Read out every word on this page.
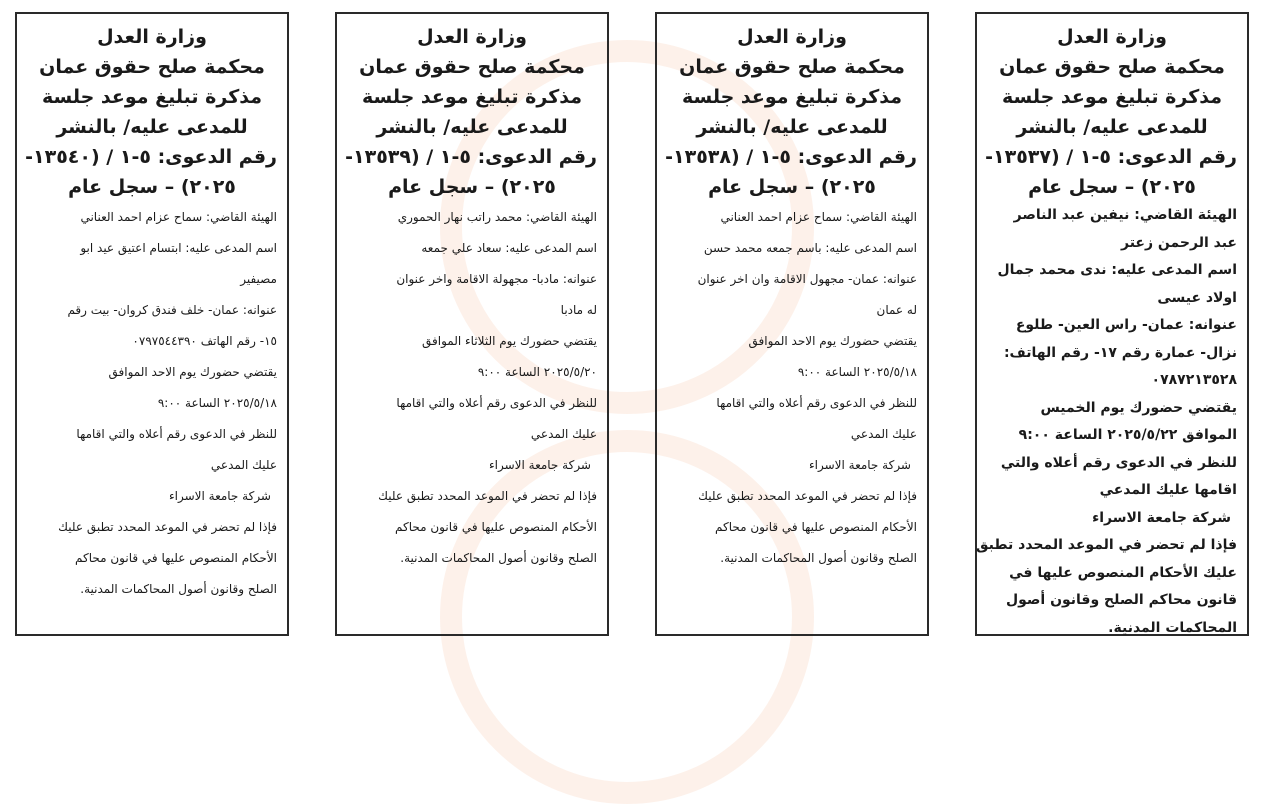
وزارة العدل
محكمة صلح حقوق عمان
مذكرة تبليغ موعد جلسة
للمدعى عليه/ بالنشر
رقم الدعوى: ٥-١ / (١٣٥٣٧-
٢٠٢٥) – سجل عام
الهيئة القاضي: نيفين عبد الناصر
عبد الرحمن زعتر
اسم المدعى عليه: ندى محمد جمال
اولاد عيسى
عنوانه: عمان- راس العين- طلوع
نزال- عمارة رقم ١٧- رقم الهاتف:
٠٧٨٧٢١٣٥٢٨
يقتضي حضورك يوم الخميس
الموافق ٢٠٢٥/٥/٢٢ الساعة ٩:٠٠
للنظر في الدعوى رقم أعلاه والتي
اقامها عليك المدعي
شركة جامعة الاسراء
فإذا لم تحضر في الموعد المحدد تطبق
عليك الأحكام المنصوص عليها في
قانون محاكم الصلح وقانون أصول
المحاكمات المدنية.
وزارة العدل
محكمة صلح حقوق عمان
مذكرة تبليغ موعد جلسة
للمدعى عليه/ بالنشر
رقم الدعوى: ٥-١ / (١٣٥٣٨-
٢٠٢٥) – سجل عام
الهيئة القاضي: سماح عزام احمد العناني
اسم المدعى عليه: باسم جمعه محمد حسن
عنوانه: عمان- مجهول الاقامة وان اخر عنوان
له عمان
يقتضي حضورك يوم الاحد الموافق
٢٠٢٥/٥/١٨ الساعة ٩:٠٠
للنظر في الدعوى رقم أعلاه والتي اقامها
عليك المدعي
شركة جامعة الاسراء
فإذا لم تحضر في الموعد المحدد تطبق عليك
الأحكام المنصوص عليها في قانون محاكم
الصلح وقانون أصول المحاكمات المدنية.
وزارة العدل
محكمة صلح حقوق عمان
مذكرة تبليغ موعد جلسة
للمدعى عليه/ بالنشر
رقم الدعوى: ٥-١ / (١٣٥٣٩-
٢٠٢٥) – سجل عام
الهيئة القاضي: محمد راتب نهار الحموري
اسم المدعى عليه: سعاد علي جمعه
عنوانه: مادبا- مجهولة الاقامة واخر عنوان
له مادبا
يقتضي حضورك يوم الثلاثاء الموافق
٢٠٢٥/٥/٢٠ الساعة ٩:٠٠
للنظر في الدعوى رقم أعلاه والتي اقامها
عليك المدعي
شركة جامعة الاسراء
فإذا لم تحضر في الموعد المحدد تطبق عليك
الأحكام المنصوص عليها في قانون محاكم
الصلح وقانون أصول المحاكمات المدنية.
وزارة العدل
محكمة صلح حقوق عمان
مذكرة تبليغ موعد جلسة
للمدعى عليه/ بالنشر
رقم الدعوى: ٥-١ / (١٣٥٤٠-
٢٠٢٥) – سجل عام
الهيئة القاضي: سماح عزام احمد العناني
اسم المدعى عليه: ابتسام اعتيق عيد ابو
مصيفير
عنوانه: عمان- خلف فندق كروان- بيت رقم
١٥- رقم الهاتف ٠٧٩٧٥٤٤٣٩٠
يقتضي حضورك يوم الاحد الموافق
٢٠٢٥/٥/١٨ الساعة ٩:٠٠
للنظر في الدعوى رقم أعلاه والتي اقامها
عليك المدعي
شركة جامعة الاسراء
فإذا لم تحضر في الموعد المحدد تطبق عليك
الأحكام المنصوص عليها في قانون محاكم
الصلح وقانون أصول المحاكمات المدنية.
